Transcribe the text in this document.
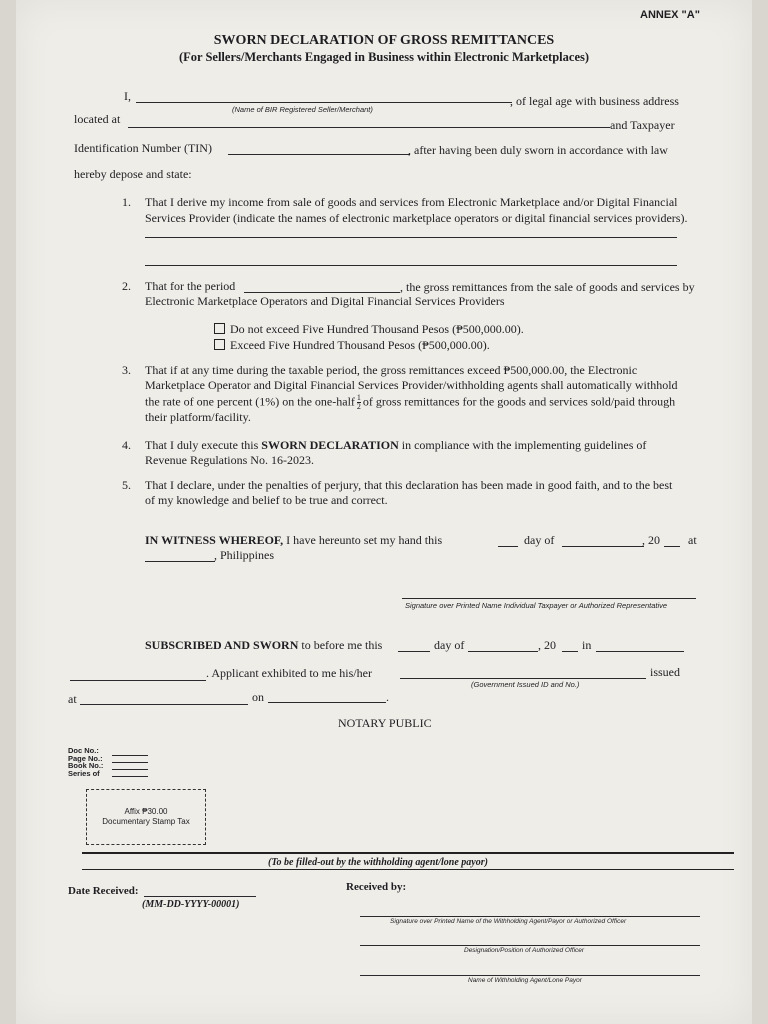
ANNEX "A"
SWORN DECLARATION OF GROSS REMITTANCES
(For Sellers/Merchants Engaged in Business within Electronic Marketplaces)
I,	, of legal age with business address
(Name of BIR Registered Seller/Merchant)
located at	and Taxpayer
Identification Number (TIN)	, after having been duly sworn in accordance with law
hereby depose and state:
1. That I derive my income from sale of goods and services from Electronic Marketplace and/or Digital Financial Services Provider (indicate the names of electronic marketplace operators or digital financial services providers).
2. That for the period	, the gross remittances from the sale of goods and services by
Electronic Marketplace Operators and Digital Financial Services Providers
Do not exceed Five Hundred Thousand Pesos (₱500,000.00).
Exceed Five Hundred Thousand Pesos (₱500,000.00).
3. That if at any time during the taxable period, the gross remittances exceed ₱500,000.00, the Electronic
Marketplace Operator and Digital Financial Services Provider/withholding agents shall automatically withhold
the rate of one percent (1%) on the one-half $\frac{1}{2}$ of gross remittances for the goods and services sold/paid through
their platform/facility.
4. That I duly execute this SWORN DECLARATION in compliance with the implementing guidelines of
Revenue Regulations No. 16-2023.
5. That I declare, under the penalties of perjury, that this declaration has been made in good faith, and to the best
of my knowledge and belief to be true and correct.
IN WITNESS WHEREOF, I have hereunto set my hand this	day of	, 20 at
, Philippines
Signature over Printed Name Individual Taxpayer or Authorized Representative
SUBSCRIBED AND SWORN to before me this	day of	, 20 in
. Applicant exhibited to me his/her	issued
(Government Issued ID and No.)
at	on	.
NOTARY PUBLIC
Doc No.:
Page No.:
Book No.:
Series of
Affix ₱30.00
Documentary Stamp Tax
(To be filled-out by the withholding agent/lone payor)
Date Received:
(MM-DD-YYYY-00001)
Received by:
Signature over Printed Name of the Withholding Agent/Payor or Authorized Officer
Designation/Position of Authorized Officer
Name of Withholding Agent/Lone Payor
